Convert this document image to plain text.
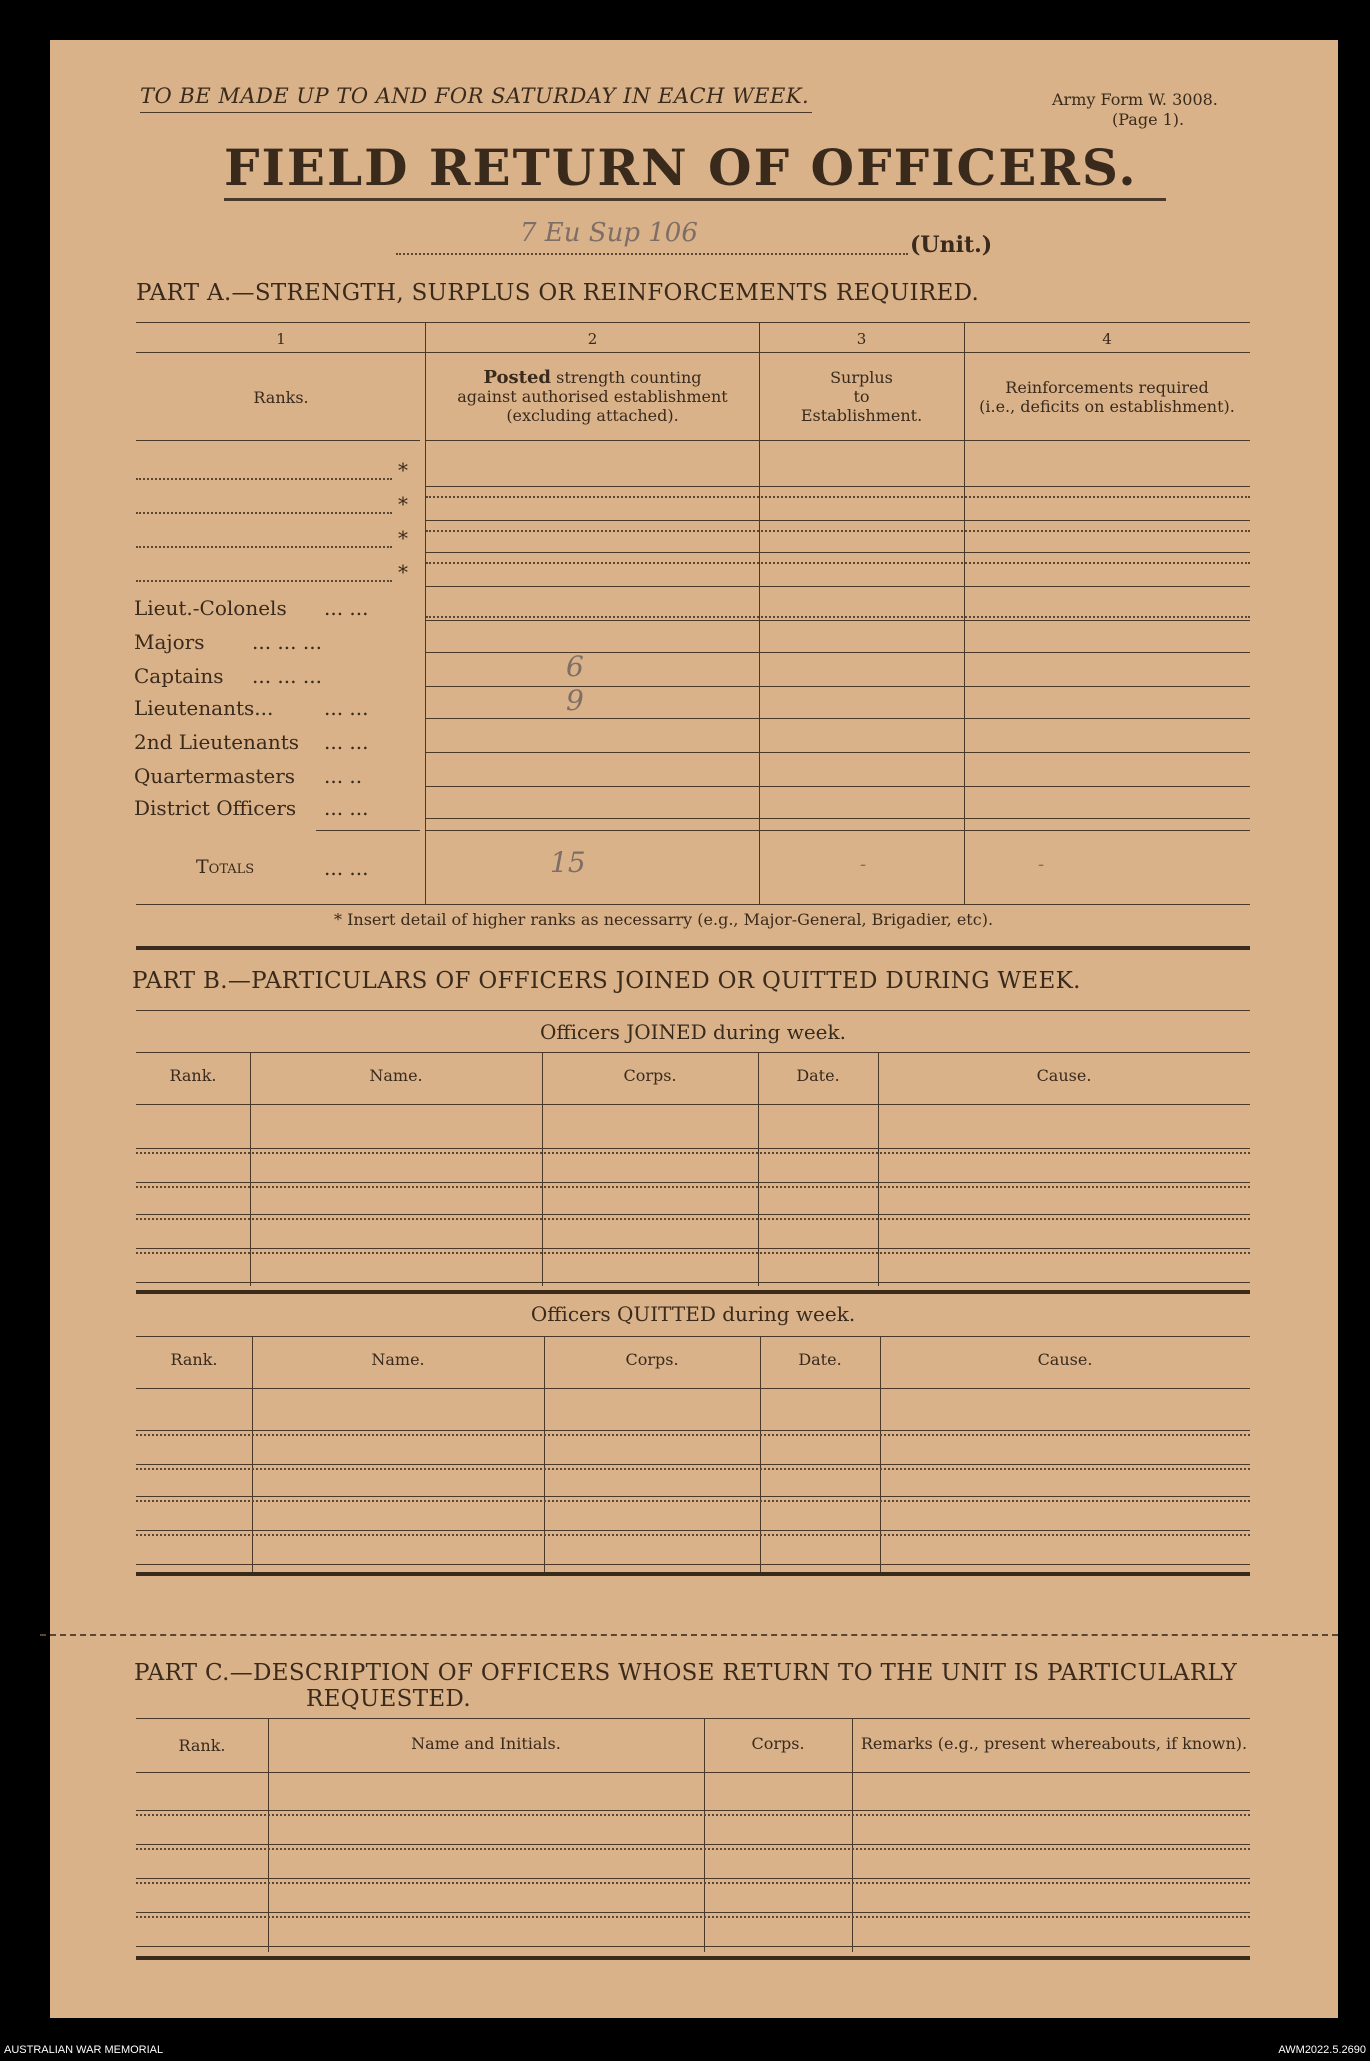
TO BE MADE UP TO AND FOR SATURDAY IN EACH WEEK.	Army Form W. 3008.
(Page 1).
FIELD RETURN OF OFFICERS.
7 Eu Sup 106	(Unit.)
PART A.—STRENGTH, SURPLUS OR REINFORCEMENTS REQUIRED.
1	2	3	4
Ranks.
Posted strength counting
against authorised establishment
(excluding attached).
Surplus
to
Establishment.
Reinforcements required
(i.e., deficits on establishment).
*
*
*
*
Lieut.-Colonels ... ...
Majors ... ... ...
Captains ... ... ...	6
Lieutenants...	... ...	9
2nd Lieutenants ... ...
Quartermasters ... ..
District Officers ... ...
Totals	... ...	15	-	-
* Insert detail of higher ranks as necessarry (e.g., Major-General, Brigadier, etc).
PART B.—PARTICULARS OF OFFICERS JOINED OR QUITTED DURING WEEK.
Officers JOINED during week.
Rank.	Name.	Corps.	Date.	Cause.
Officers QUITTED during week.
Rank.	Name.	Corps.	Date.	Cause.
PART C.—DESCRIPTION OF OFFICERS WHOSE RETURN TO THE UNIT IS PARTICULARLY
REQUESTED.
Rank.	Name and Initials.	Corps.	Remarks (e.g., present whereabouts, if known).
AUSTRALIAN WAR MEMORIAL	AWM2022.5.2690
